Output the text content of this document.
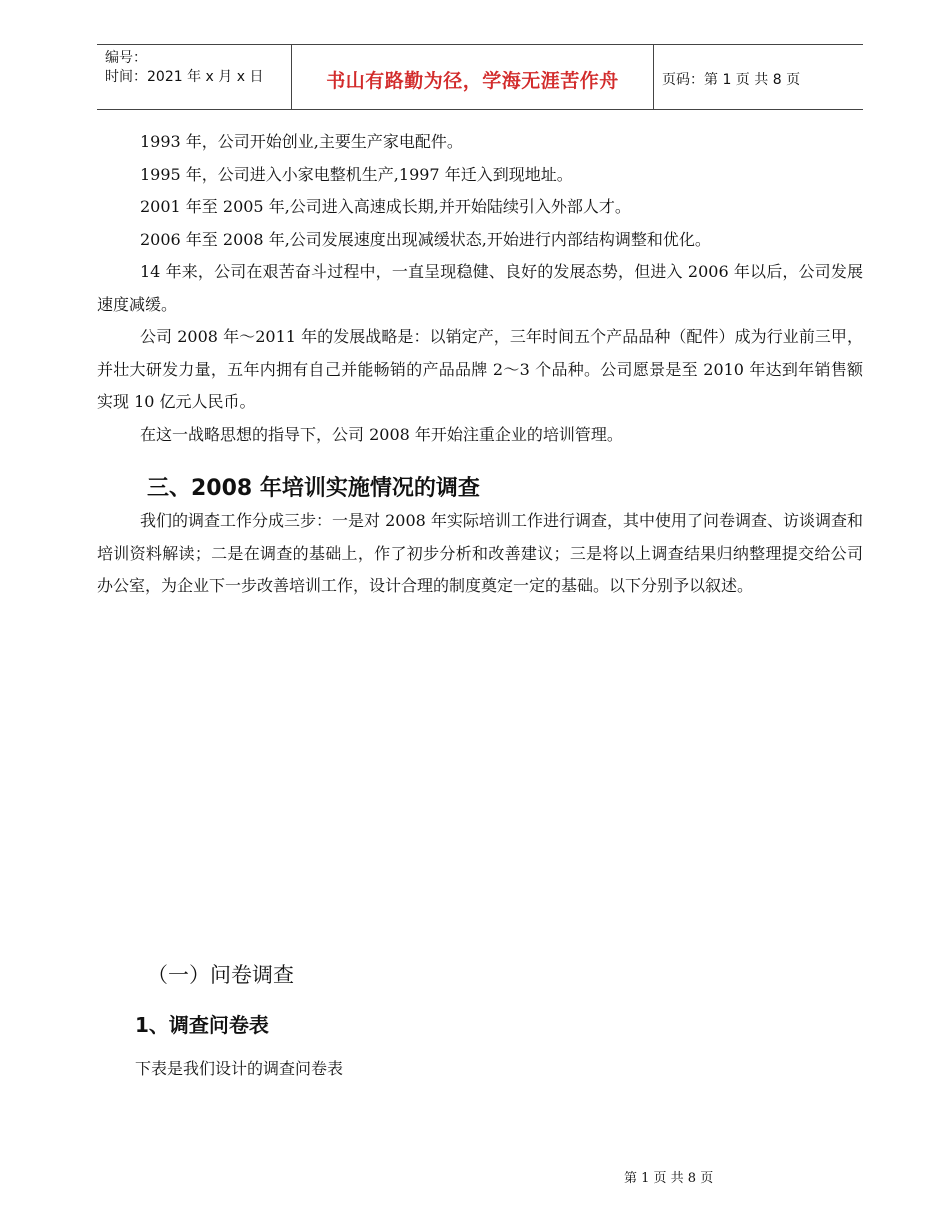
编号：
时间：2021 年 x 月 x 日	书山有路勤为径，学海无涯苦作舟	页码：第 1 页 共 8 页

1993 年，公司开始创业,主要生产家电配件。

1995 年，公司进入小家电整机生产,1997 年迁入到现地址。

2001 年至 2005 年,公司进入高速成长期,并开始陆续引入外部人才。

2006 年至 2008 年,公司发展速度出现减缓状态,开始进行内部结构调整和优化。

14 年来，公司在艰苦奋斗过程中，一直呈现稳健、良好的发展态势，但进入 2006 年以后，公司发展速度减缓。

公司 2008 年～2011 年的发展战略是：以销定产，三年时间五个产品品种（配件）成为行业前三甲，并壮大研发力量，五年内拥有自己并能畅销的产品品牌 2～3 个品种。公司愿景是至 2010 年达到年销售额实现 10 亿元人民币。

在这一战略思想的指导下，公司 2008 年开始注重企业的培训管理。

三、2008 年培训实施情况的调查

我们的调查工作分成三步：一是对 2008 年实际培训工作进行调查，其中使用了问卷调查、访谈调查和培训资料解读；二是在调查的基础上，作了初步分析和改善建议；三是将以上调查结果归纳整理提交给公司办公室，为企业下一步改善培训工作，设计合理的制度奠定一定的基础。以下分别予以叙述。

（一）问卷调查
1、调查问卷表
下表是我们设计的调查问卷表
第 1 页 共 8 页
